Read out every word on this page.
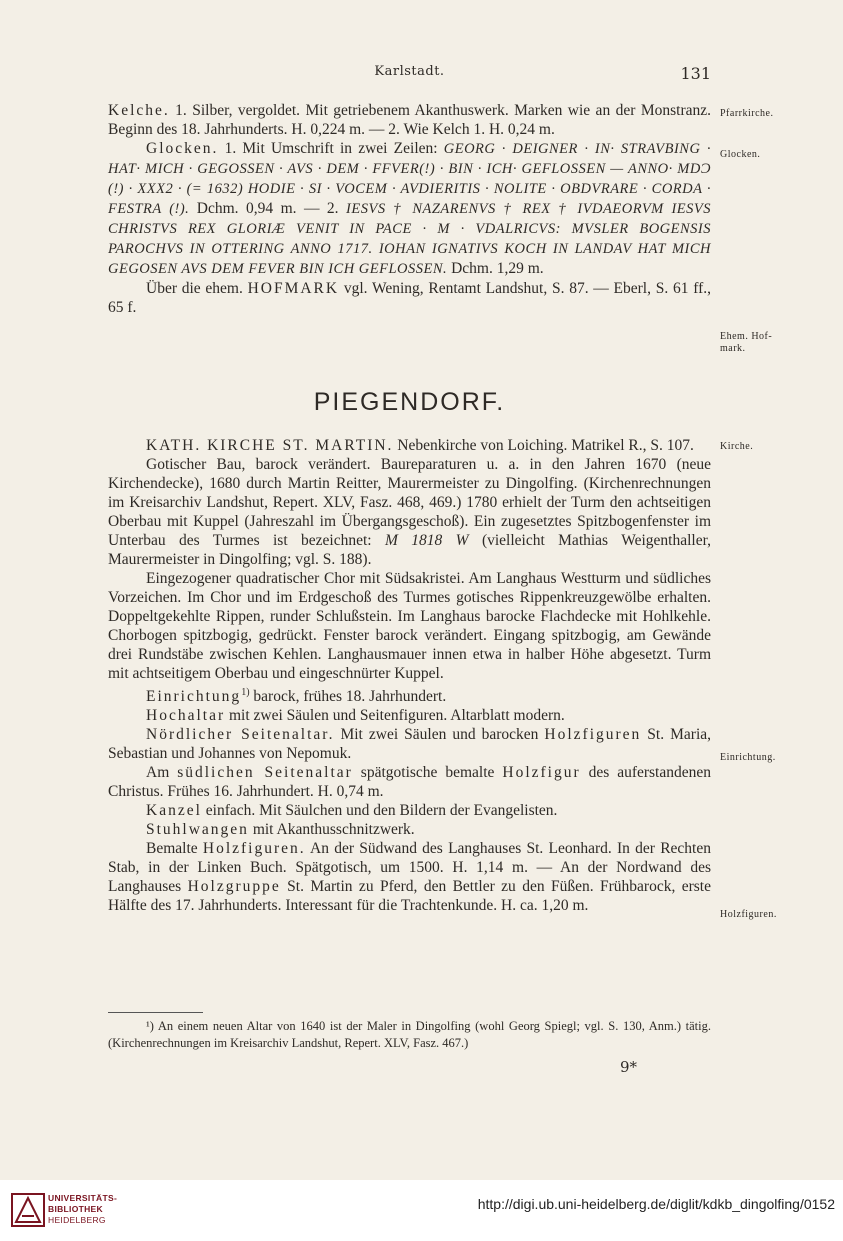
Karlstadt.	131

Kelche. 1. Silber, vergoldet. Mit getriebenem Akanthuswerk. Marken wie an der Monstranz. Beginn des 18. Jahrhunderts. H. 0,224 m. — 2. Wie Kelch 1. H. 0,24 m.

Glocken. 1. Mit Umschrift in zwei Zeilen: GEORG · DEIGNER · IN· STRAVBING · HAT· MICH · GEGOSSEN · AVS · DEM · FFVER(!) · BIN · ICH· GEFLOSSEN — ANNO· MDƆ (!) · XXX2 · (= 1632) HODIE · SI · VOCEM · AVDIERITIS · NOLITE · OBDVRARE · CORDA · FESTRA (!). Dchm. 0,94 m. — 2. IESVS † NAZARENVS † REX † IVDAEORVM IESVS CHRISTVS REX GLORIÆ VENIT IN PACE · M · VDALRICVS: MVSLER BOGENSIS PAROCHVS IN OTTERING ANNO 1717. IOHAN IGNATIVS KOCH IN LANDAV HAT MICH GEGOSEN AVS DEM FEVER BIN ICH GEFLOSSEN. Dchm. 1,29 m.

Über die ehem. HOFMARK vgl. Wening, Rentamt Landshut, S. 87. — Eberl, S. 61 ff., 65 f.

Pfarrkirche.
Glocken.
Ehem. Hof-mark.
PIEGENDORF.

KATH. KIRCHE ST. MARTIN. Nebenkirche von Loiching. Matrikel R., S. 107.

Gotischer Bau, barock verändert. Baureparaturen u. a. in den Jahren 1670 (neue Kirchendecke), 1680 durch Martin Reitter, Maurermeister zu Dingolfing. (Kirchenrechnungen im Kreisarchiv Landshut, Repert. XLV, Fasz. 468, 469.) 1780 erhielt der Turm den achtseitigen Oberbau mit Kuppel (Jahreszahl im Übergangsgeschoß). Ein zugesetztes Spitzbogenfenster im Unterbau des Turmes ist bezeichnet: M 1818 W (vielleicht Mathias Weigenthaller, Maurermeister in Dingolfing; vgl. S. 188).

Eingezogener quadratischer Chor mit Südsakristei. Am Langhaus Westturm und südliches Vorzeichen. Im Chor und im Erdgeschoß des Turmes gotisches Rippenkreuzgewölbe erhalten. Doppeltgekehlte Rippen, runder Schlußstein. Im Langhaus barocke Flachdecke mit Hohlkehle. Chorbogen spitzbogig, gedrückt. Fenster barock verändert. Eingang spitzbogig, am Gewände drei Rundstäbe zwischen Kehlen. Langhausmauer innen etwa in halber Höhe abgesetzt. Turm mit achtseitigem Oberbau und eingeschnürter Kuppel.

Einrichtung$^{1)}$ barock, frühes 18. Jahrhundert.

Hochaltar mit zwei Säulen und Seitenfiguren. Altarblatt modern.

Nördlicher Seitenaltar. Mit zwei Säulen und barocken Holzfiguren St. Maria, Sebastian und Johannes von Nepomuk.

Am südlichen Seitenaltar spätgotische bemalte Holzfigur des auferstandenen Christus. Frühes 16. Jahrhundert. H. 0,74 m.

Kanzel einfach. Mit Säulchen und den Bildern der Evangelisten.

Stuhlwangen mit Akanthusschnitzwerk.

Bemalte Holzfiguren. An der Südwand des Langhauses St. Leonhard. In der Rechten Stab, in der Linken Buch. Spätgotisch, um 1500. H. 1,14 m. — An der Nordwand des Langhauses Holzgruppe St. Martin zu Pferd, den Bettler zu den Füßen. Frühbarock, erste Hälfte des 17. Jahrhunderts. Interessant für die Trachtenkunde. H. ca. 1,20 m.

Kirche.
Einrichtung.
Holzfiguren.

¹) An einem neuen Altar von 1640 ist der Maler in Dingolfing (wohl Georg Spiegl; vgl. S. 130, Anm.) tätig. (Kirchenrechnungen im Kreisarchiv Landshut, Repert. XLV, Fasz. 467.)

9*
UNIVERSITÄTS-
BIBLIOTHEK
HEIDELBERG
http://digi.ub.uni-heidelberg.de/diglit/kdkb_dingolfing/0152
